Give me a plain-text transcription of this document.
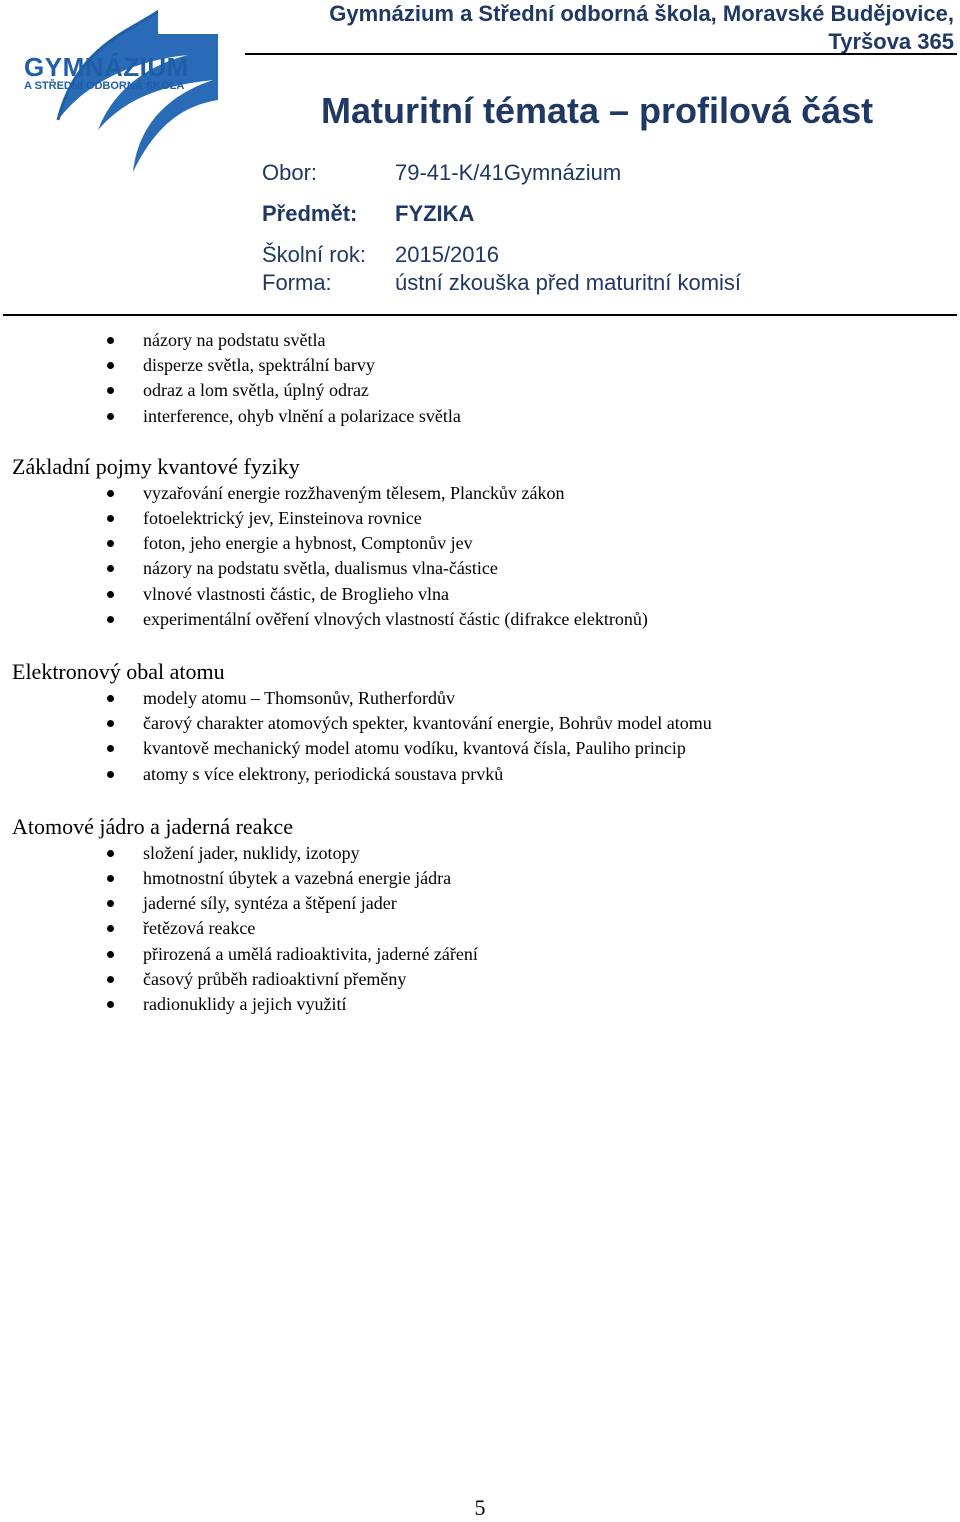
GYMNÁZIUM
A STŘEDNÍ ODBORNÁ ŠKOLA
Gymnázium a Střední odborná škola, Moravské Budějovice,
Tyršova 365
Maturitní témata – profilová část
Obor:	79-41-K/41Gymnázium
Předmět:	FYZIKA
Školní rok:	2015/2016
Forma:	ústní zkouška před maturitní komisí
názory na podstatu světla
disperze světla, spektrální barvy
odraz a lom světla, úplný odraz
interference, ohyb vlnění a polarizace světla
Základní pojmy kvantové fyziky
vyzařování energie rozžhaveným tělesem, Planckův zákon
fotoelektrický jev, Einsteinova rovnice
foton, jeho energie a hybnost, Comptonův jev
názory na podstatu světla, dualismus vlna-částice
vlnové vlastnosti částic, de Broglieho vlna
experimentální ověření vlnových vlastností částic (difrakce elektronů)
Elektronový obal atomu
modely atomu – Thomsonův, Rutherfordův
čarový charakter atomových spekter, kvantování energie, Bohrův model atomu
kvantově mechanický model atomu vodíku, kvantová čísla, Pauliho princip
atomy s více elektrony, periodická soustava prvků
Atomové jádro a jaderná reakce
složení jader, nuklidy, izotopy
hmotnostní úbytek a vazebná energie jádra
jaderné síly, syntéza a štěpení jader
řetězová reakce
přirozená a umělá radioaktivita, jaderné záření
časový průběh radioaktivní přeměny
radionuklidy a jejich využití
5
